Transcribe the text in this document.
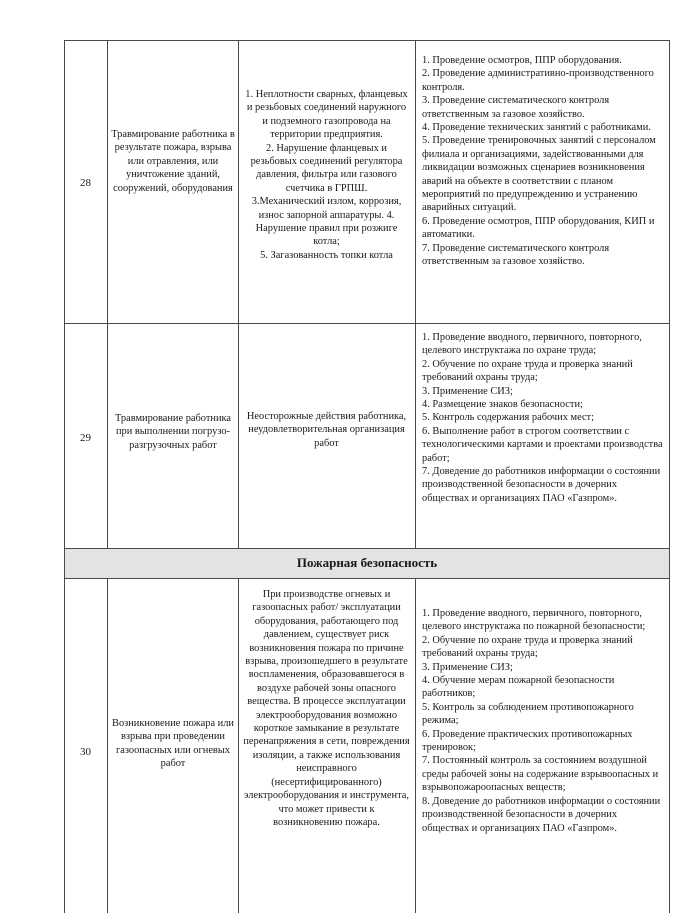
28
Травмирование работника в результате пожара, взрыва или отравления, или уничтожение зданий, сооружений, оборудования
1. Неплотности сварных, фланцевых и резьбовых соединений наружного и подземного газопровода на территории предприятия.
2. Нарушение фланцевых и резьбовых соединений регулятора давления, фильтра или газового счетчика в ГРПШ.
3.Механический излом, коррозия, износ запорной аппаратуры. 4. Нарушение правил при розжиге котла;
5. Загазованность топки котла
1. Проведение осмотров, ППР оборудования.
2. Проведение административно-производственного контроля.
3. Проведение систематического контроля ответственным за газовое хозяйство.
4. Проведение технических занятий с работниками.
5. Проведение тренировочных занятий с персоналом филиала и организациями, задействованными для ликвидации возможных сценариев возникновения аварий на объекте в соответствии с планом мероприятий по предупреждению и устранению аварийных ситуаций.
6. Проведение осмотров, ППР оборудования, КИП и автоматики.
7. Проведение систематического контроля ответственным за газовое хозяйство.
29
Травмирование работника при выполнении погрузо-разгрузочных работ
Неосторожные действия работника, неудовлетворительная организация работ
1. Проведение вводного, первичного, повторного, целевого инструктажа по охране труда;
2. Обучение по охране труда и проверка знаний требований охраны труда;
3. Применение СИЗ;
4. Размещение знаков безопасности;
5. Контроль содержания рабочих мест;
6. Выполнение работ в строгом соответствии с технологическими картами и проектами производства работ;
7. Доведение до работников информации о состоянии производственной безопасности в дочерних обществах и организациях ПАО «Газпром».
Пожарная безопасность
30
Возникновение пожара или взрыва при проведении газоопасных или огневых работ
При производстве огневых и газоопасных работ/ эксплуатации оборудования, работающего под давлением, существует риск возникновения пожара по причине взрыва, произошедшего в результате воспламенения, образовавшегося в воздухе рабочей зоны опасного вещества. В процессе эксплуатации электрооборудования возможно короткое замыкание в результате перенапряжения в сети, повреждения изоляции, а также использования неисправного (несертифицированного) электрооборудования и инструмента, что может привести к возникновению пожара.
1. Проведение вводного, первичного, повторного, целевого инструктажа по пожарной безопасности;
2. Обучение по охране труда и проверка знаний требований охраны труда;
3. Применение СИЗ;
4. Обучение мерам пожарной безопасности работников;
5. Контроль за соблюдением противопожарного режима;
6. Проведение практических противопожарных тренировок;
7. Постоянный контроль за состоянием воздушной среды рабочей зоны на содержание взрывоопасных и взрывопожароопасных веществ;
8. Доведение до работников информации о состоянии производственной безопасности в дочерних обществах и организациях ПАО «Газпром».
